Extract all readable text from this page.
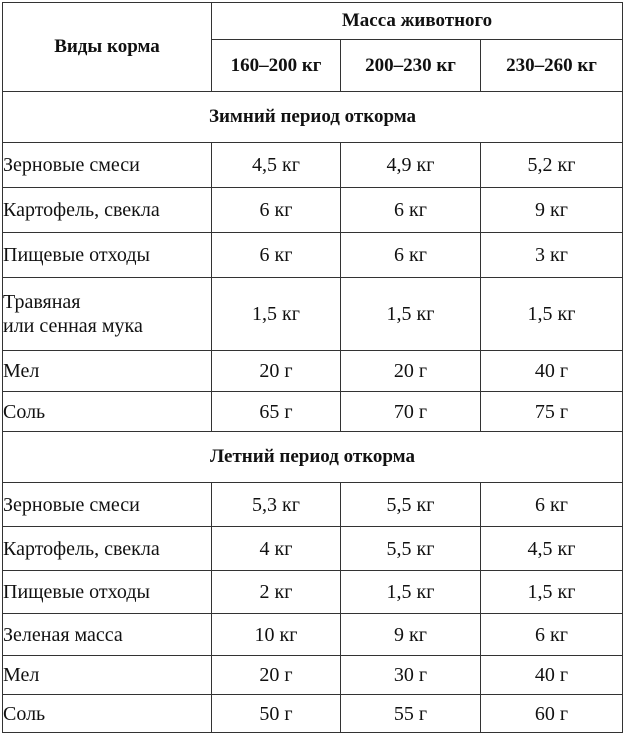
Виды корма	Масса животного		
	160–200 кг	200–230 кг	230–260 кг
Зимний период откорма			
Зерновые смеси	4,5 кг	4,9 кг	5,2 кг
Картофель, свекла	6 кг	6 кг	9 кг
Пищевые отходы	6 кг	6 кг	3 кг
Травяная
или сенная мука	1,5 кг	1,5 кг	1,5 кг
Мел	20 г	20 г	40 г
Соль	65 г	70 г	75 г
Летний период откорма			
Зерновые смеси	5,3 кг	5,5 кг	6 кг
Картофель, свекла	4 кг	5,5 кг	4,5 кг
Пищевые отходы	2 кг	1,5 кг	1,5 кг
Зеленая масса	10 кг	9 кг	6 кг
Мел	20 г	30 г	40 г
Соль	50 г	55 г	60 г
